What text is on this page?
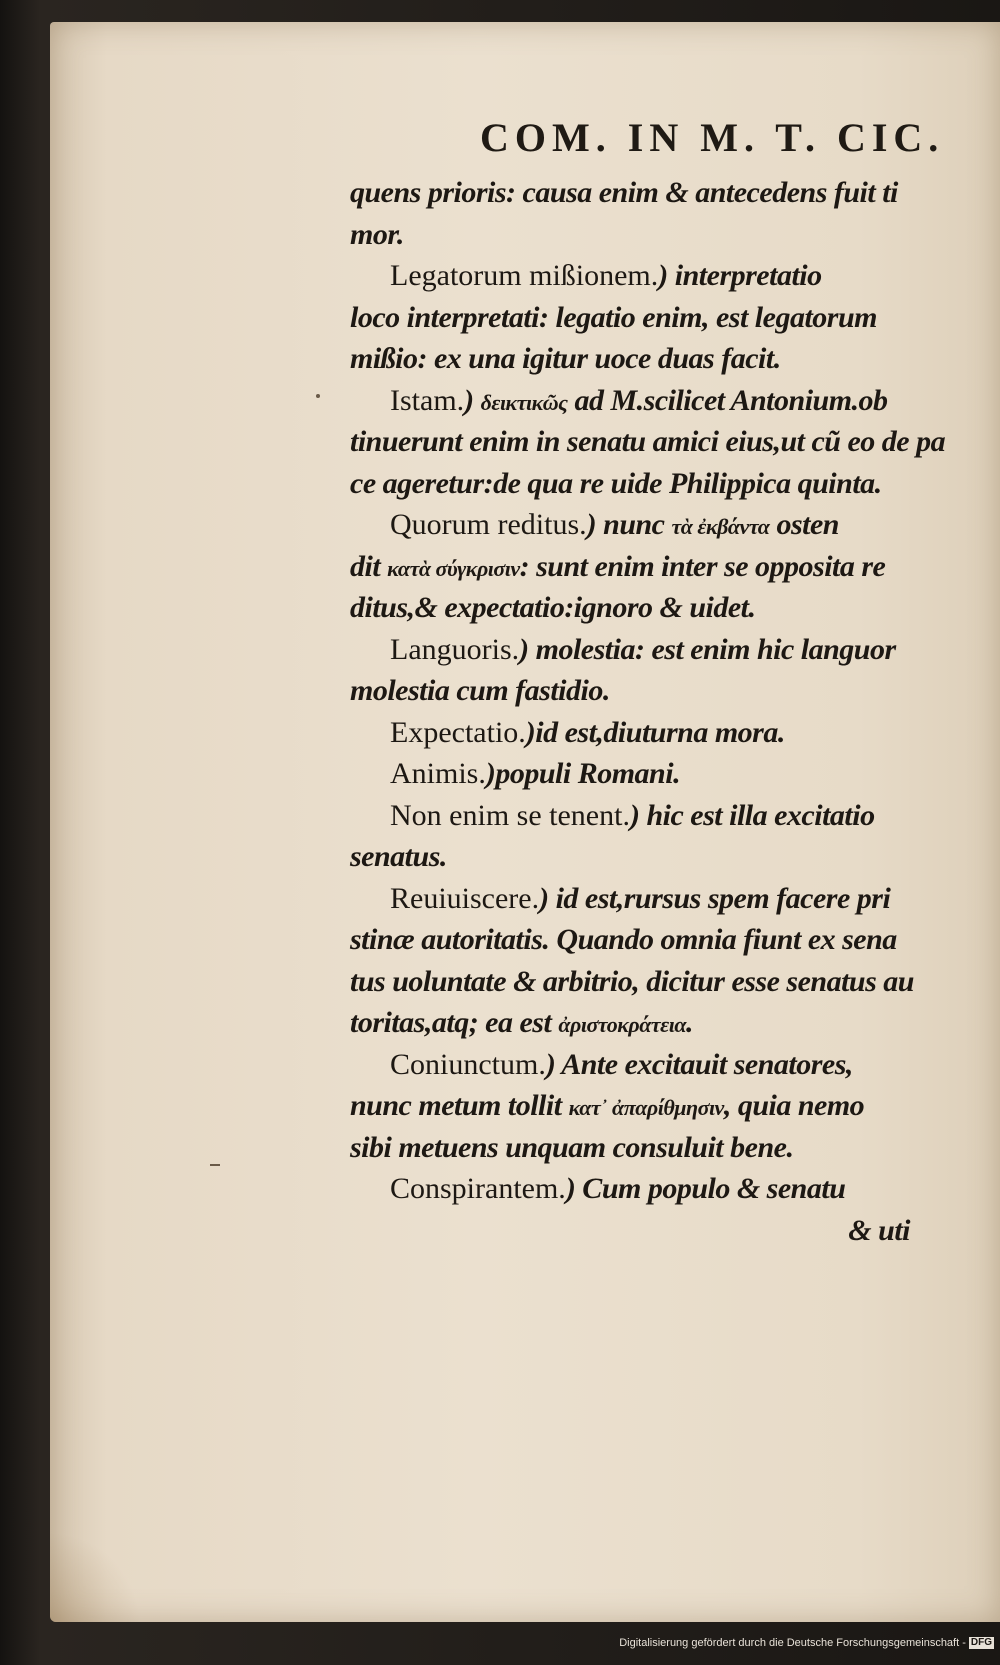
COM. IN M. T. CIC.
quens prioris: causa enim & antecedens fuit ti
mor.
Legatorum mißionem.) interpretatio
loco interpretati: legatio enim, est legatorum
mißio: ex una igitur uoce duas facit.
Istam.) δεικτικῶς ad M.scilicet Antonium.ob
tinuerunt enim in senatu amici eius,ut cũ eo de pa
ce ageretur:de qua re uide Philippica quinta.
Quorum reditus.) nunc τὰ ἐκβάντα osten
dit κατὰ σύγκρισιν: sunt enim inter se opposita re
ditus,& expectatio:ignoro & uidet.
Languoris.) molestia: est enim hic languor
molestia cum fastidio.
Expectatio.)id est,diuturna mora.
Animis.)populi Romani.
Non enim se tenent.) hic est illa excitatio
senatus.
Reuiuiscere.) id est,rursus spem facere pri
stinæ autoritatis. Quando omnia fiunt ex sena
tus uoluntate & arbitrio, dicitur esse senatus au
toritas,atq; ea est ἀριστοκράτεια.
Coniunctum.) Ante excitauit senatores,
nunc metum tollit κατ᾽ ἀπαρίθμησιν, quia nemo
sibi metuens unquam consuluit bene.
Conspirantem.) Cum populo & senatu
& uti
Digitalisierung gefördert durch die Deutsche Forschungsgemeinschaft - DFG
